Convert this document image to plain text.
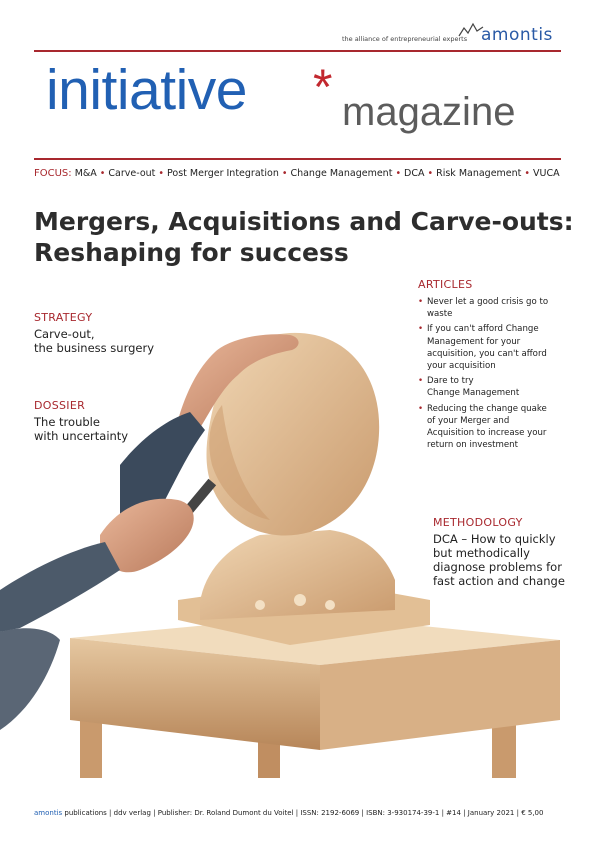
the alliance of entrepreneurial experts amontis
initiative * magazine
FOCUS: M&A • Carve-out • Post Merger Integration • Change Management • DCA • Risk Management • VUCA
Mergers, Acquisitions and Carve-outs:
Reshaping for success
STRATEGY
Carve-out,
the business surgery
DOSSIER
The trouble
with uncertainty
ARTICLES
• Never let a good crisis go to
waste
• If you can't afford Change
Management for your
acquisition, you can't afford
your acquisition
• Dare to try
Change Management
• Reducing the change quake
of your Merger and
Acquisition to increase your
return on investment
METHODOLOGY
DCA – How to quickly
but methodically
diagnose problems for
fast action and change
amontis publications | ddv verlag | Publisher: Dr. Roland Dumont du Voitel | ISSN: 2192-6069 | ISBN: 3-930174-39-1 | #14 | January 2021 | € 5,00
